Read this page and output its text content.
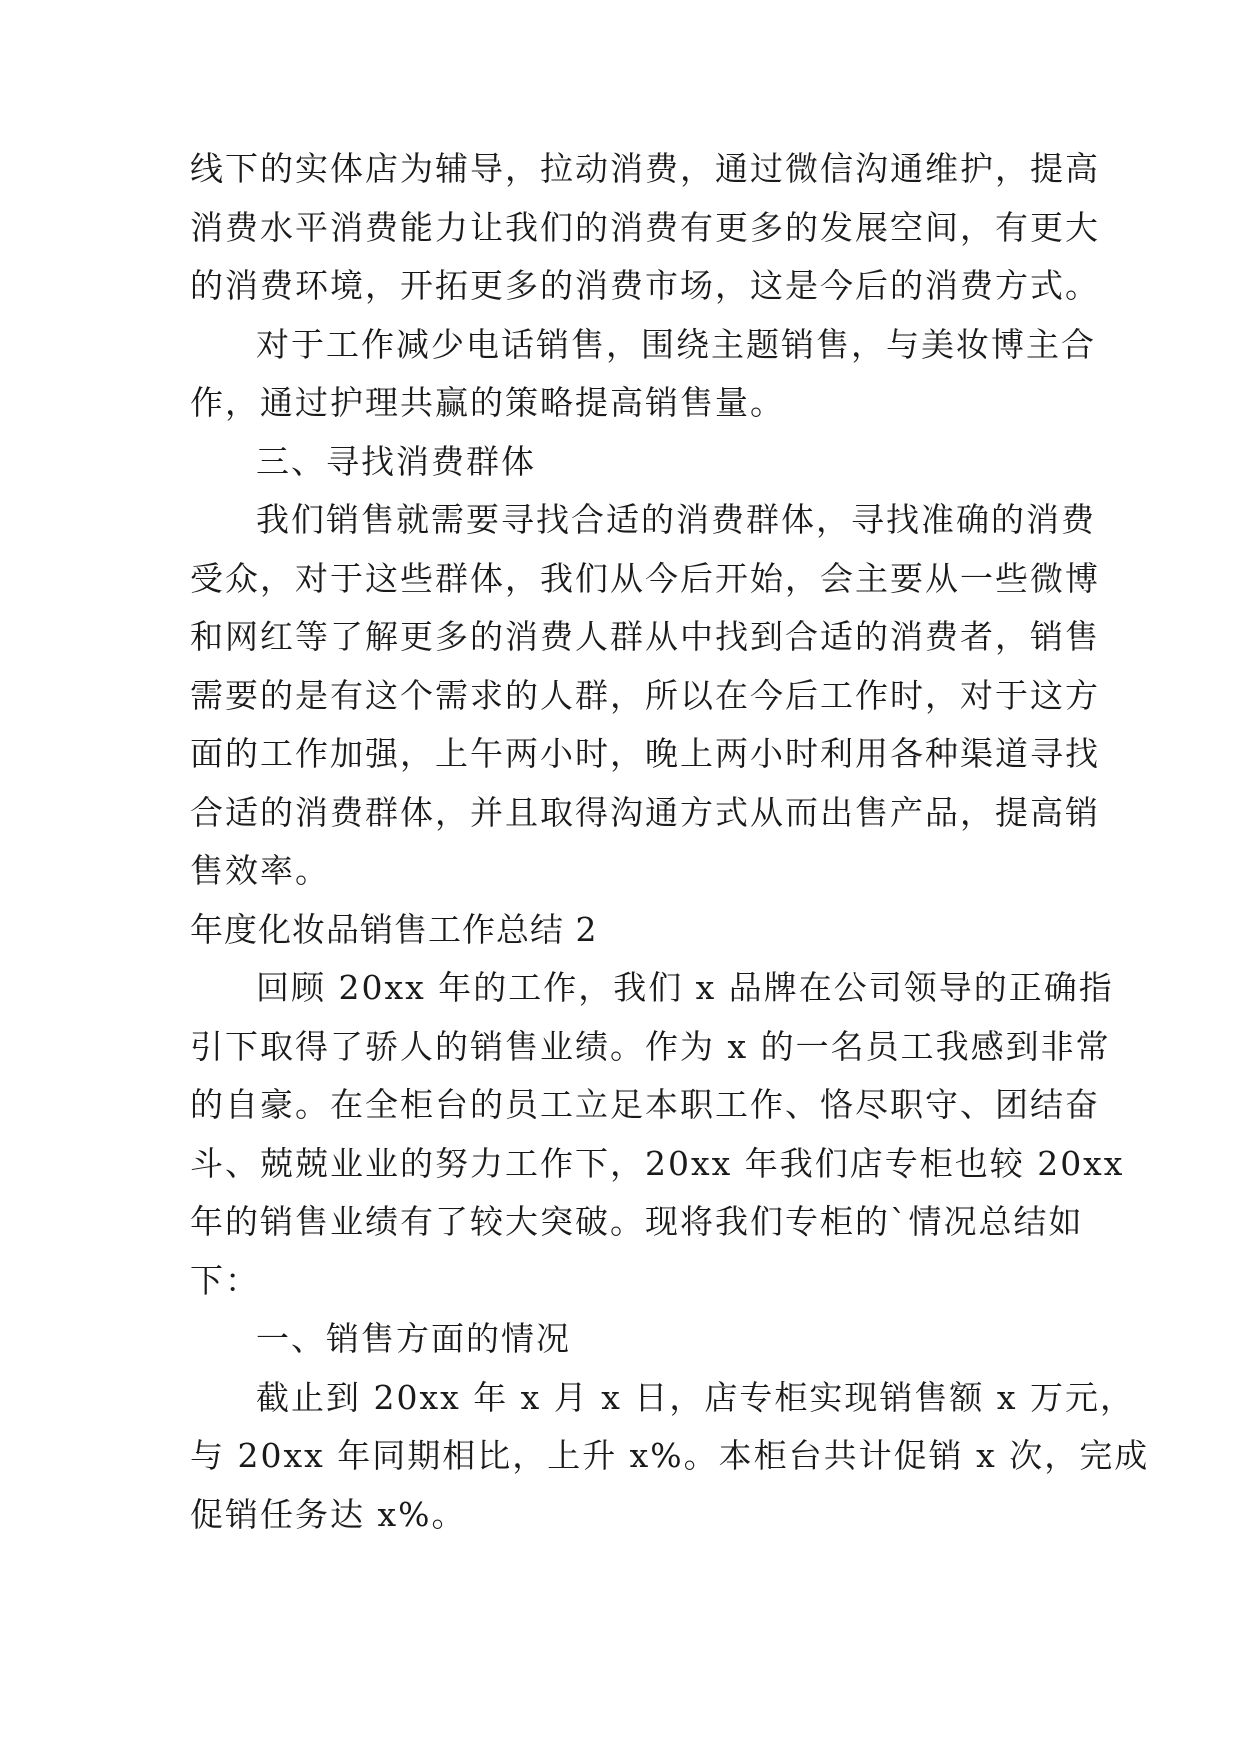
线下的实体店为辅导，拉动消费，通过微信沟通维护，提高
消费水平消费能力让我们的消费有更多的发展空间，有更大
的消费环境，开拓更多的消费市场，这是今后的消费方式。
对于工作减少电话销售，围绕主题销售，与美妆博主合
作，通过护理共赢的策略提高销售量。
三、寻找消费群体
我们销售就需要寻找合适的消费群体，寻找准确的消费
受众，对于这些群体，我们从今后开始，会主要从一些微博
和网红等了解更多的消费人群从中找到合适的消费者，销售
需要的是有这个需求的人群，所以在今后工作时，对于这方
面的工作加强，上午两小时，晚上两小时利用各种渠道寻找
合适的消费群体，并且取得沟通方式从而出售产品，提高销
售效率。
年度化妆品销售工作总结 2
回顾 20xx 年的工作，我们 x 品牌在公司领导的正确指
引下取得了骄人的销售业绩。作为 x 的一名员工我感到非常
的自豪。在全柜台的员工立足本职工作、恪尽职守、团结奋
斗、兢兢业业的努力工作下，20xx 年我们店专柜也较 20xx
年的销售业绩有了较大突破。现将我们专柜的`情况总结如
下：
一、销售方面的情况
截止到 20xx 年 x 月 x 日，店专柜实现销售额 x 万元，
与 20xx 年同期相比，上升 x%。本柜台共计促销 x 次，完成
促销任务达 x%。
